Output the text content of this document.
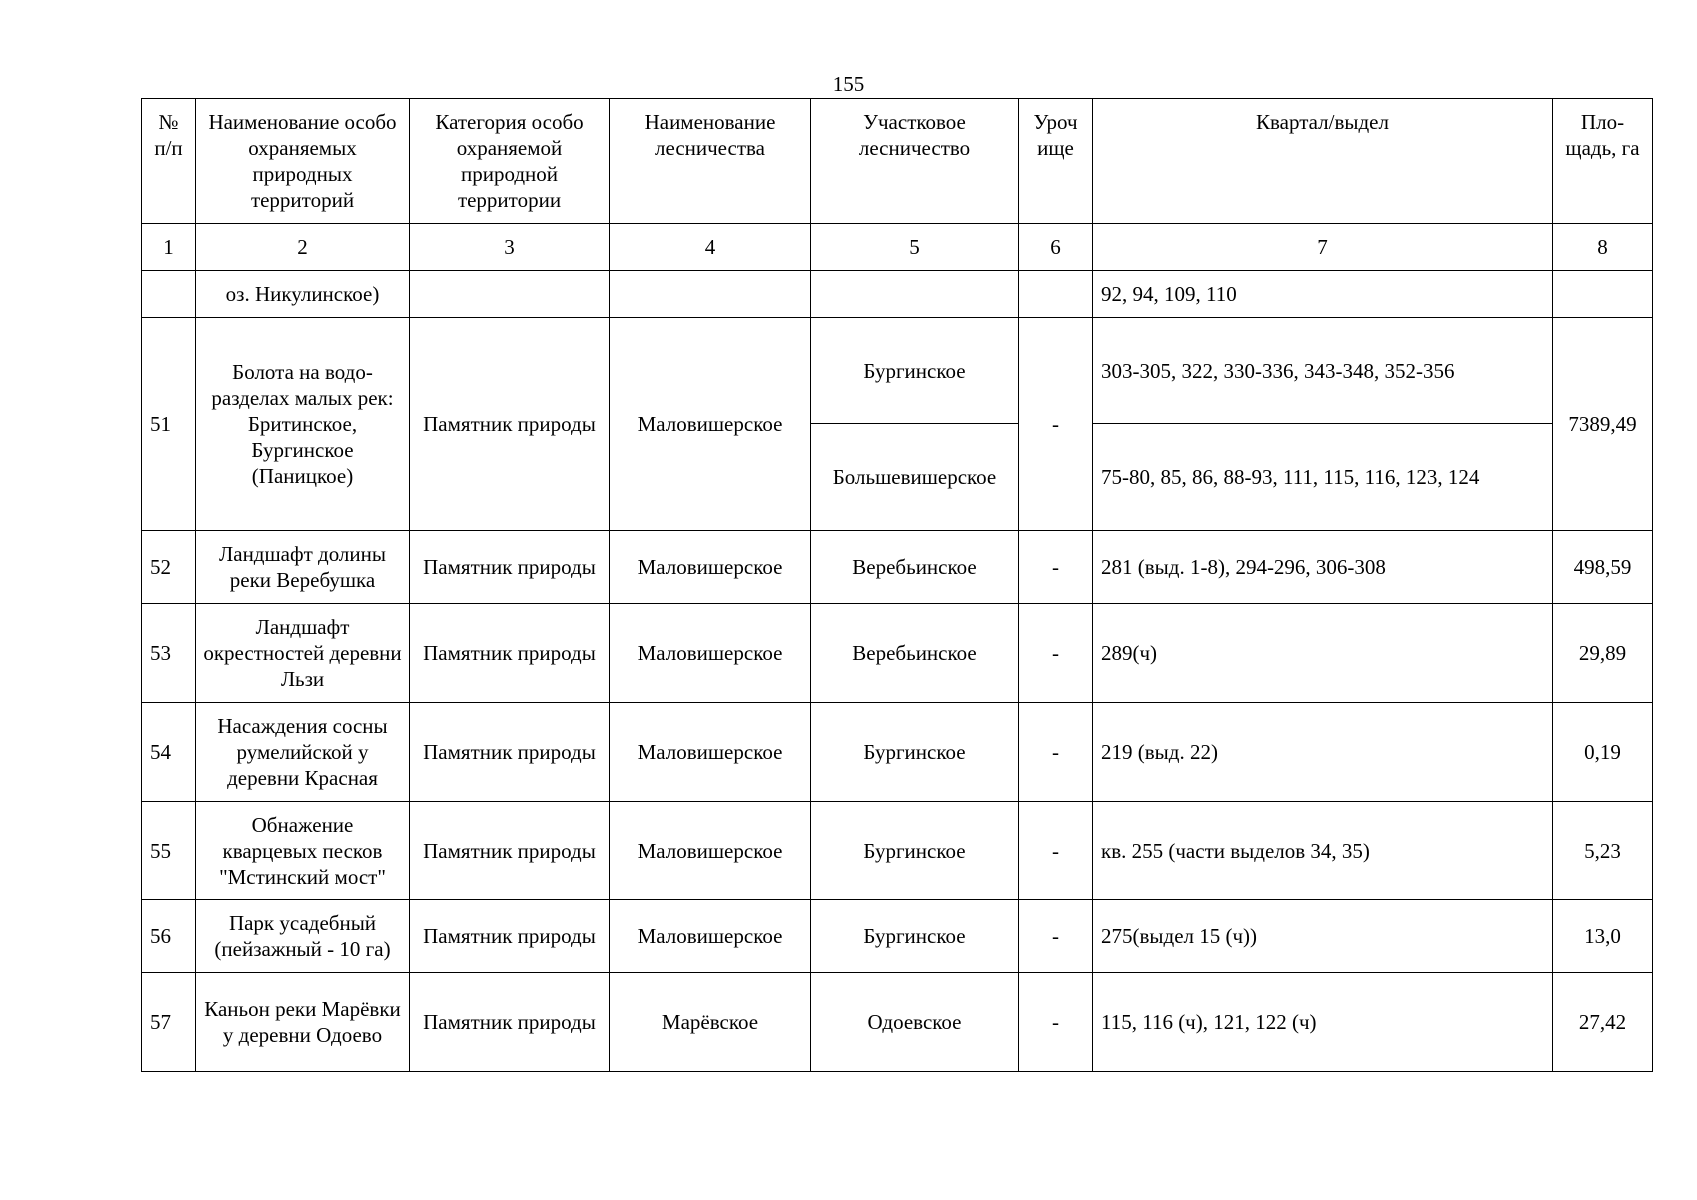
155
№ п/п	Наименование особо охраняемых природных территорий	Категория особо охраняемой природной территории	Наименование лесничества	Участковое лесничество	Уроч ище	Квартал/выдел	Пло-щадь, га
1	2	3	4	5	6	7	8
	оз. Никулинское)					92, 94, 109, 110	
51	Болота на водо-разделах малых рек: Бритинское, Бургинское (Паницкое)	Памятник природы	Маловишерское	Бургинское	-	303-305, 322, 330-336, 343-348, 352-356	7389,49
				Большевишерское		75-80, 85, 86, 88-93, 111, 115, 116, 123, 124	
52	Ландшафт долины реки Веребушка	Памятник природы	Маловишерское	Веребьинское	-	281 (выд. 1-8), 294-296, 306-308	498,59
53	Ландшафт окрестностей деревни Льзи	Памятник природы	Маловишерское	Веребьинское	-	289(ч)	29,89
54	Насаждения сосны румелийской у деревни Красная	Памятник природы	Маловишерское	Бургинское	-	219 (выд. 22)	0,19
55	Обнажение кварцевых песков "Мстинский мост"	Памятник природы	Маловишерское	Бургинское	-	кв. 255 (части выделов 34, 35)	5,23
56	Парк усадебный (пейзажный - 10 га)	Памятник природы	Маловишерское	Бургинское	-	275(выдел 15 (ч))	13,0
57	Каньон реки Марёвки у деревни Одоево	Памятник природы	Марёвское	Одоевское	-	115, 116 (ч), 121, 122 (ч)	27,42
